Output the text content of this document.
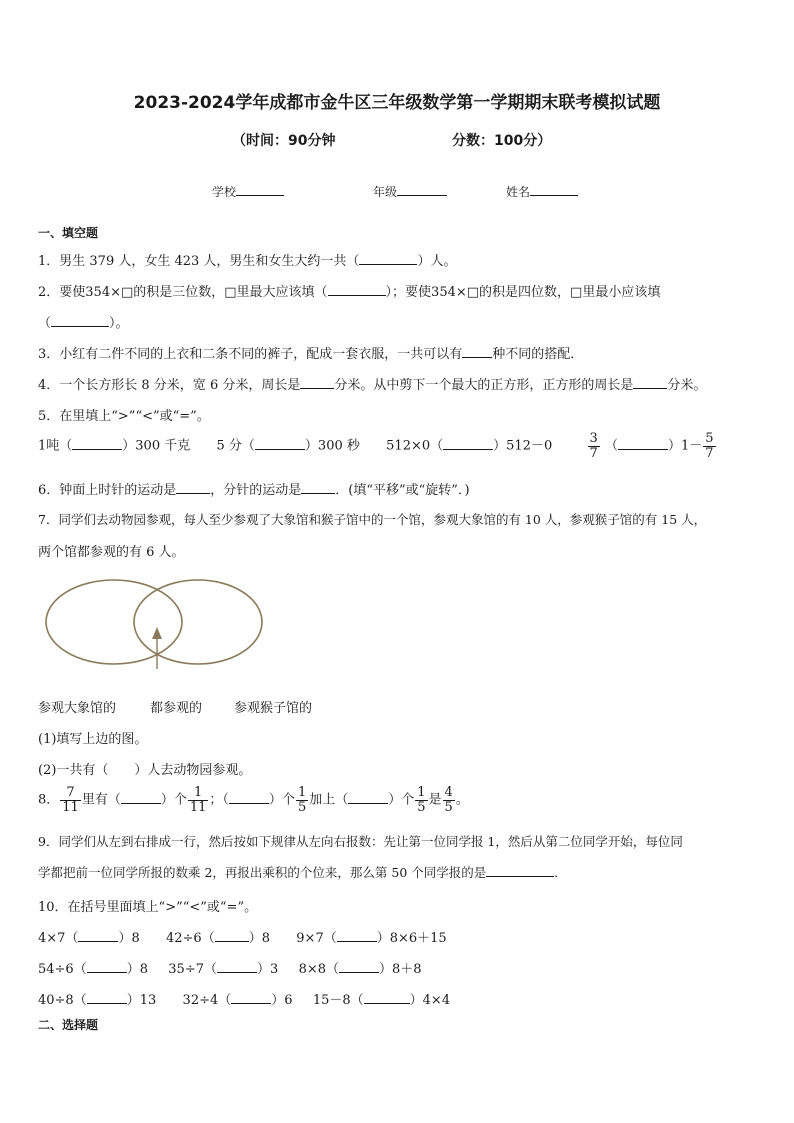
2023-2024学年成都市金牛区三年级数学第一学期期末联考模拟试题
（时间：90分钟	分数：100分）
学校	年级	姓名
一、填空题
1．男生 379 人，女生 423 人，男生和女生大约一共（	）人。
2．要使354×□的积是三位数，□里最大应该填（	）；要使354×□的积是四位数，□里最小应该填
（	）。
3．小红有二件不同的上衣和二条不同的裤子，配成一套衣服，一共可以有 种不同的搭配．
4．一个长方形长 8 分米，宽 6 分米，周长是	分米。从中剪下一个最大的正方形，正方形的周长是	分米。
5．在里填上“>”“<”或“=”。
1吨（	）300 千克 5 分（	）300 秒 512×0（	）512－0	$\frac{3}{7}$ （	）$1- \frac{5}{7}$
6．钟面上时针的运动是	，分针的运动是	．(填“平移”或“旋转”．)
7．同学们去动物园参观，每人至少参观了大象馆和猴子馆中的一个馆，参观大象馆的有 10 人，参观猴子馆的有 15 人，
两个馆都参观的有 6 人。
参观大象馆的	都参观的 参观猴子馆的
(1)填写上边的图。
(2)一共有（　　）人去动物园参观。
8． $\frac{7}{11}$ 里有（	）个 $\frac{1}{11}$ ；（	）个 $\frac{1}{5}$ 加上（	）个 $\frac{1}{5}$ 是 $\frac{4}{5}$ 。
9．同学们从左到右排成一行，然后按如下规律从左向右报数：先让第一位同学报 1，然后从第二位同学开始，每位同
学都把前一位同学所报的数乘 2，再报出乘积的个位来，那么第 50 个同学报的是	．
10．在括号里面填上“>”“<”或“=”。
4×7（	）8 42÷6（	）8 9×7（	）8×6＋15
54÷6（	）8 35÷7（	）3 8×8（	）8＋8
40÷8（	）13 32÷4（	）6 15－8（	）4×4
二、选择题
